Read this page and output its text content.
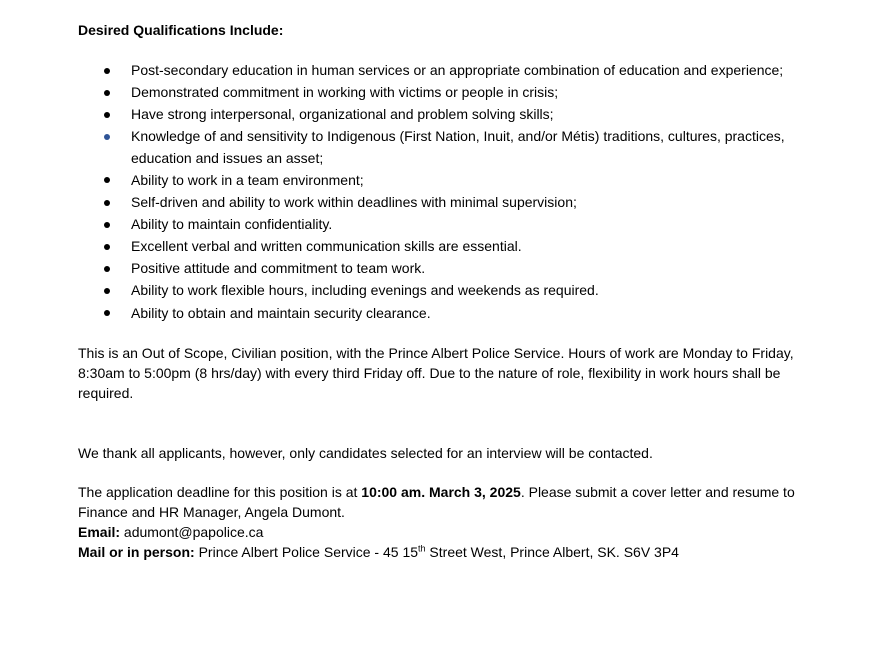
Desired Qualifications Include:
Post-secondary education in human services or an appropriate combination of education and experience;
Demonstrated commitment in working with victims or people in crisis;
Have strong interpersonal, organizational and problem solving skills;
Knowledge of and sensitivity to Indigenous (First Nation, Inuit, and/or Métis) traditions, cultures, practices, education and issues an asset;
Ability to work in a team environment;
Self-driven and ability to work within deadlines with minimal supervision;
Ability to maintain confidentiality.
Excellent verbal and written communication skills are essential.
Positive attitude and commitment to team work.
Ability to work flexible hours, including evenings and weekends as required.
Ability to obtain and maintain security clearance.

This is an Out of Scope, Civilian position, with the Prince Albert Police Service. Hours of work are Monday to Friday, 8:30am to 5:00pm (8 hrs/day) with every third Friday off. Due to the nature of role, flexibility in work hours shall be required.

We thank all applicants, however, only candidates selected for an interview will be contacted.

The application deadline for this position is at 10:00 am. March 3, 2025. Please submit a cover letter and resume to Finance and HR Manager, Angela Dumont.

Email: adumont@papolice.ca

Mail or in person: Prince Albert Police Service - 45 15th Street West, Prince Albert, SK. S6V 3P4
